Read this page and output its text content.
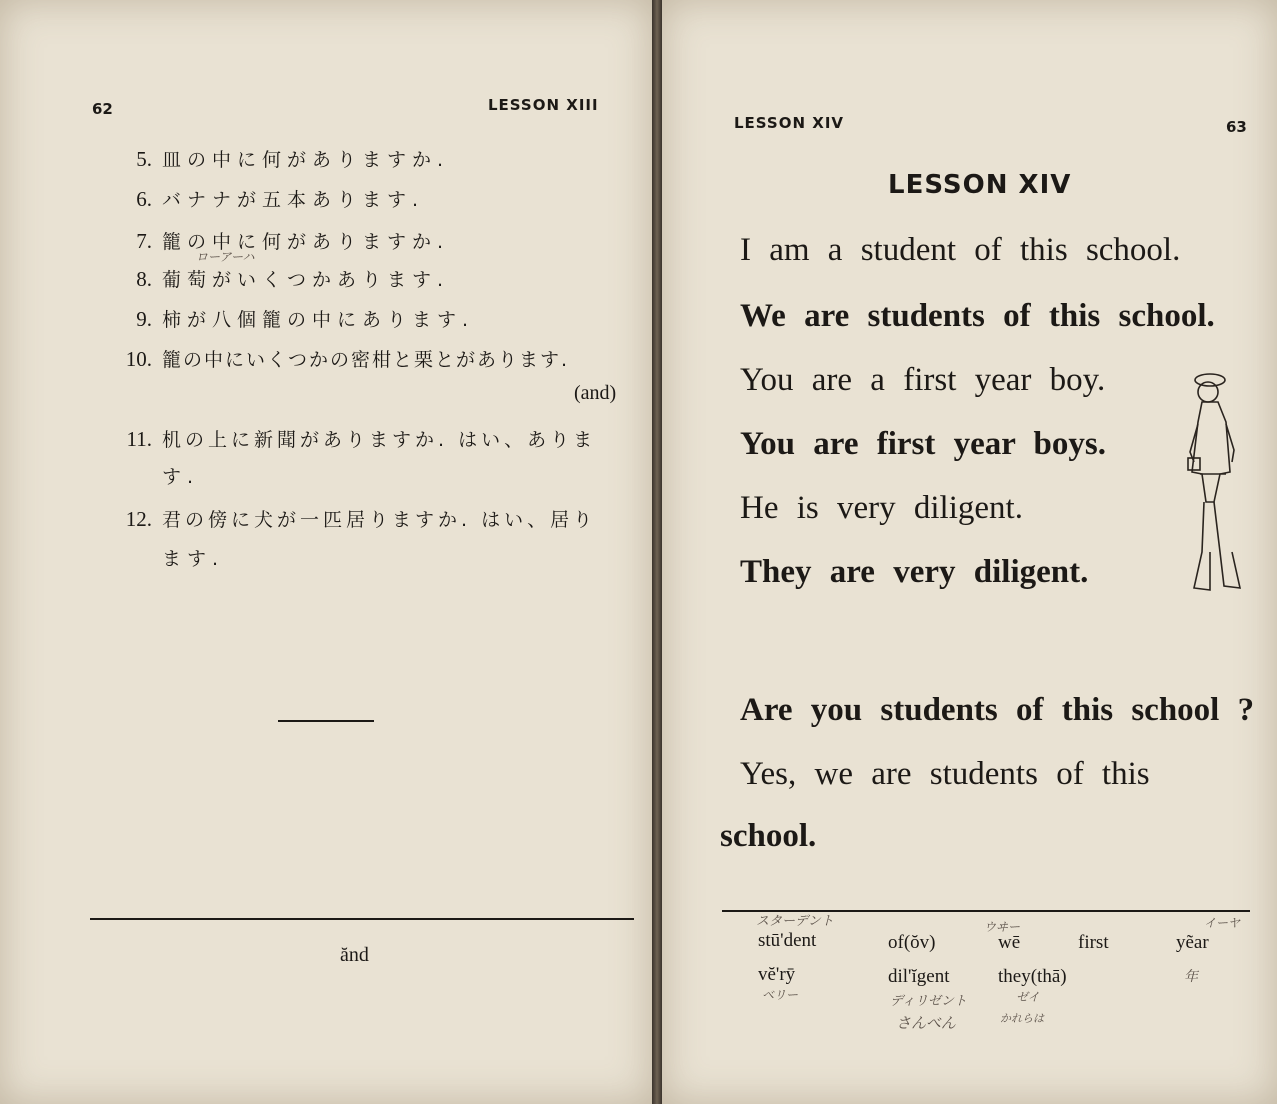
62	LESSON XIII
5. 皿の中に何がありますか.
6. バナナが五本あります.
7. 籠の中に何がありますか.
ローアーハ
8. 葡萄がいくつかあります.
9. 柿が八個籠の中にあります.
10. 籠の中にいくつかの密柑と栗とがあります.
(and)
11. 机の上に新聞がありますか. はい、ありま
す.
12. 君の傍に犬が一匹居りますか. はい、居り
ます.
ănd
LESSON XIV	63
LESSON XIV
I am a student of this school.
We are students of this school.
You are a first year boy.
You are first year boys.
He is very diligent.
They are very diligent.
Are you students of this school ?
Yes, we are students of this
school.
stū'dent	of(ŏv)	wē	first	yẽar
vĕ'rȳ	dil'ĭgent	they(thā)
スターデント	ウヰー	イーヤ
ベリー	ディリゼント	ゼイ
さんべん	かれらは
年
